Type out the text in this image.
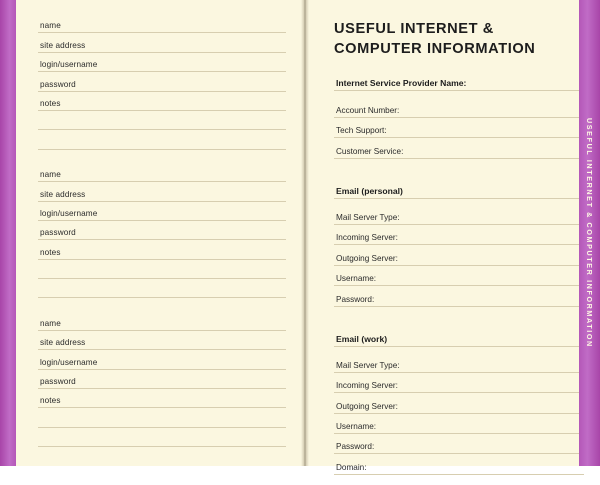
name
site address
login/username
password
notes
name
site address
login/username
password
notes
name
site address
login/username
password
notes
USEFUL INTERNET &
COMPUTER INFORMATION
Internet Service Provider Name:
Account Number:
Tech Support:
Customer Service:
Email (personal)
Mail Server Type:
Incoming Server:
Outgoing Server:
Username:
Password:
Email (work)
Mail Server Type:
Incoming Server:
Outgoing Server:
Username:
Password:
Domain:
USEFUL INTERNET & COMPUTER INFORMATION
